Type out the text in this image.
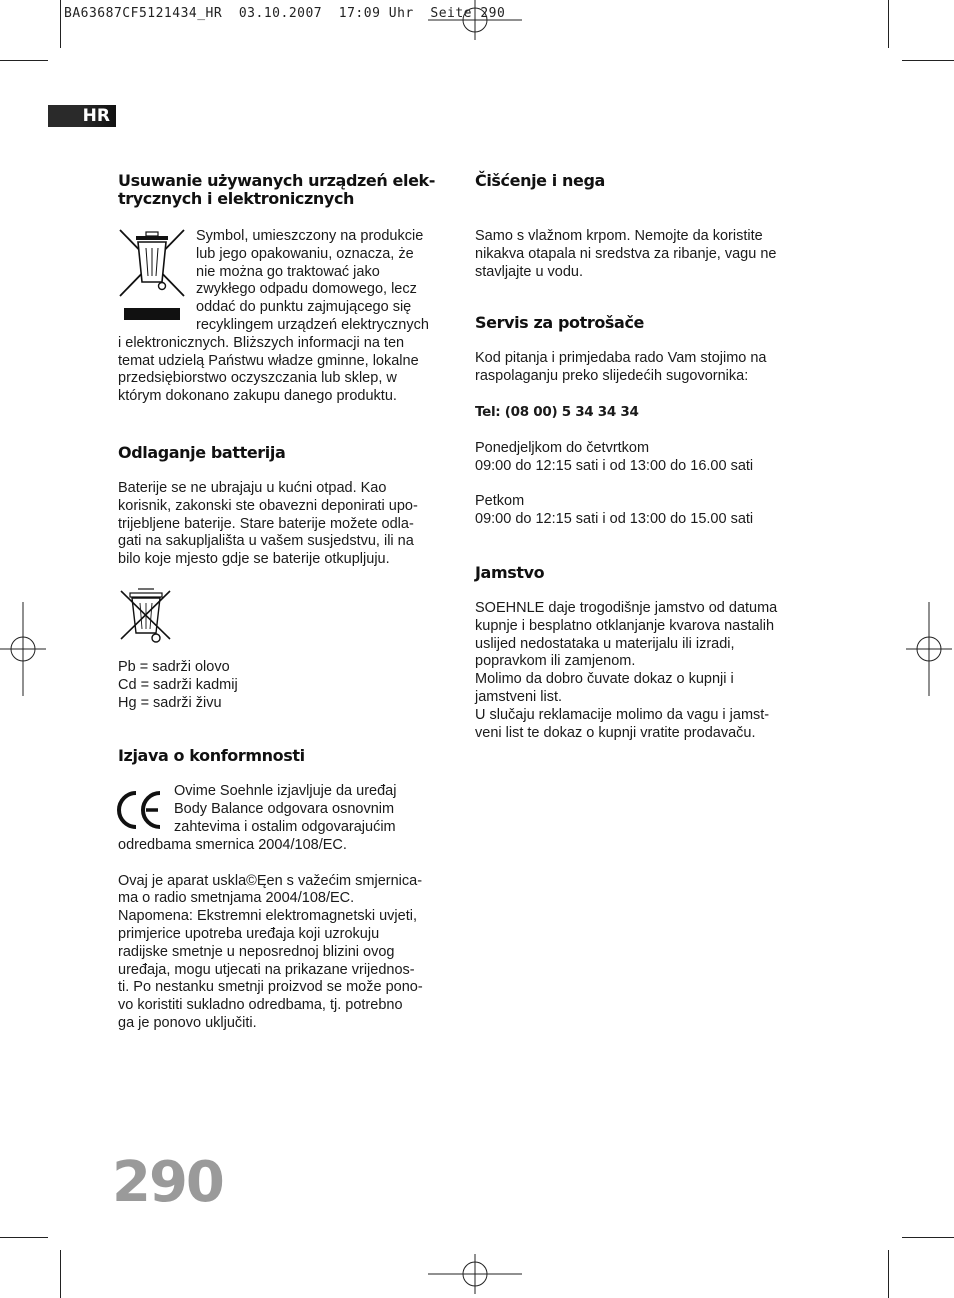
BA63687CF5121434_HR  03.10.2007  17:09 Uhr  Seite 290
HR
Usuwanie używanych urządzeń elek-
trycznych i elektronicznych

Symbol, umieszczony na produkcie
lub jego opakowaniu, oznacza, że
nie można go traktować jako
zwykłego odpadu domowego, lecz
oddać do punktu zajmującego się
recyklingem urządzeń elektrycznych
i elektronicznych. Bliższych informacji na ten
temat udzielą Państwu władze gminne, lokalne
przedsiębiorstwo oczyszczania lub sklep, w
którym dokonano zakupu danego produktu.

Odlaganje batterija

Baterije se ne ubrajaju u kućni otpad. Kao
korisnik, zakonski ste obavezni deponirati upo-
trijebljene baterije. Stare baterije možete odla-
gati na sakupljališta u vašem susjedstvu, ili na
bilo koje mjesto gdje se baterije otkupljuju.

Pb = sadrži olovo
Cd = sadrži kadmij
Hg = sadrži živu

Izjava o konformnosti

Ovime Soehnle izjavljuje da uređaj
Body Balance odgovara osnovnim
zahtevima i ostalim odgovarajućim
odredbama smernica 2004/108/EC.

Ovaj je aparat uskla©Ęen s važećim smjernica-
ma o radio smetnjama 2004/108/EC.
Napomena: Ekstremni elektromagnetski uvjeti,
primjerice upotreba uređaja koji uzrokuju
radijske smetnje u neposrednoj blizini ovog
uređaja, mogu utjecati na prikazane vrijednos-
ti. Po nestanku smetnji proizvod se može pono-
vo koristiti sukladno odredbama, tj. potrebno
ga je ponovo uključiti.

Čišćenje i nega

Samo s vlažnom krpom. Nemojte da koristite
nikakva otapala ni sredstva za ribanje, vagu ne
stavljajte u vodu.

Servis za potrošače

Kod pitanja i primjedaba rado Vam stojimo na
raspolaganju preko slijedećih sugovornika:

Tel: (08 00) 5 34 34 34

Ponedjeljkom do četvrtkom
09:00 do 12:15 sati i od 13:00 do 16.00 sati

Petkom
09:00 do 12:15 sati i od 13:00 do 15.00 sati

Jamstvo

SOEHNLE daje trogodišnje jamstvo od datuma
kupnje i besplatno otklanjanje kvarova nastalih
uslijed nedostataka u materijalu ili izradi,
popravkom ili zamjenom.
Molimo da dobro čuvate dokaz o kupnji i
jamstveni list.
U slučaju reklamacije molimo da vagu i jamst-
veni list te dokaz o kupnji vratite prodavaču.

290
